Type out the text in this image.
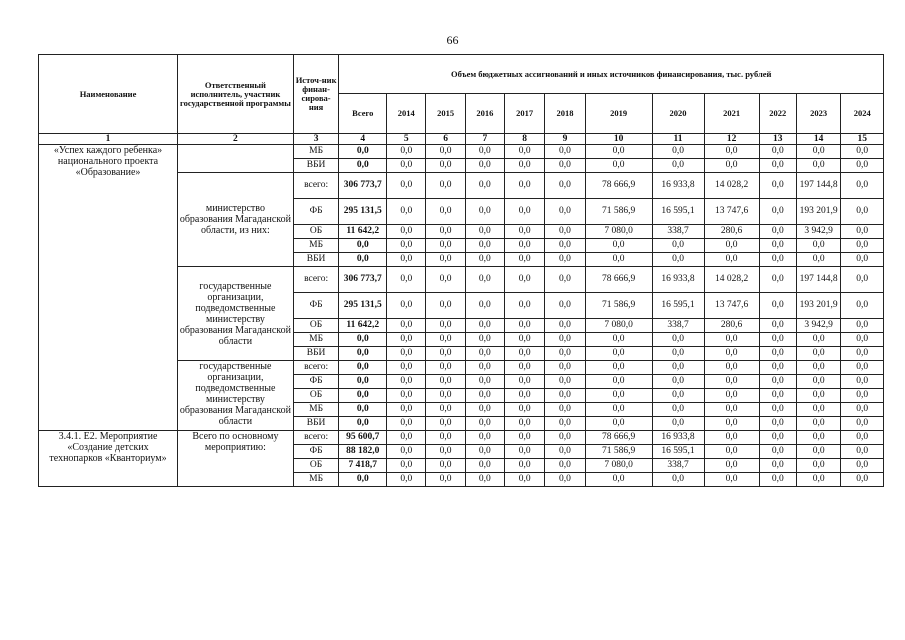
66
Наименование	Ответственный исполнитель, участник государственной программы	Источ-ник финан-сирова-ния	Объем бюджетных ассигнований и иных источников финансирования, тыс. рублей											
			Всего	2014	2015	2016	2017	2018	2019	2020	2021	2022	2023	2024
1	2	3	4	5	6	7	8	9	10	11	12	13	14	15
«Успех каждого ребенка» национального проекта «Образование»		МБ	0,0	0,0	0,0	0,0	0,0	0,0	0,0	0,0	0,0	0,0	0,0	0,0
		ВБИ	0,0	0,0	0,0	0,0	0,0	0,0	0,0	0,0	0,0	0,0	0,0	0,0
	министерство образования Магаданской области, из них:	всего:	306 773,7	0,0	0,0	0,0	0,0	0,0	78 666,9	16 933,8	14 028,2	0,0	197 144,8	0,0
		ФБ	295 131,5	0,0	0,0	0,0	0,0	0,0	71 586,9	16 595,1	13 747,6	0,0	193 201,9	0,0
		ОБ	11 642,2	0,0	0,0	0,0	0,0	0,0	7 080,0	338,7	280,6	0,0	3 942,9	0,0
		МБ	0,0	0,0	0,0	0,0	0,0	0,0	0,0	0,0	0,0	0,0	0,0	0,0
		ВБИ	0,0	0,0	0,0	0,0	0,0	0,0	0,0	0,0	0,0	0,0	0,0	0,0
	государственные организации, подведомственные министерству образования Магаданской области	всего:	306 773,7	0,0	0,0	0,0	0,0	0,0	78 666,9	16 933,8	14 028,2	0,0	197 144,8	0,0
		ФБ	295 131,5	0,0	0,0	0,0	0,0	0,0	71 586,9	16 595,1	13 747,6	0,0	193 201,9	0,0
		ОБ	11 642,2	0,0	0,0	0,0	0,0	0,0	7 080,0	338,7	280,6	0,0	3 942,9	0,0
		МБ	0,0	0,0	0,0	0,0	0,0	0,0	0,0	0,0	0,0	0,0	0,0	0,0
		ВБИ	0,0	0,0	0,0	0,0	0,0	0,0	0,0	0,0	0,0	0,0	0,0	0,0
	государственные организации, подведомственные министерству образования Магаданской области	всего:	0,0	0,0	0,0	0,0	0,0	0,0	0,0	0,0	0,0	0,0	0,0	0,0
		ФБ	0,0	0,0	0,0	0,0	0,0	0,0	0,0	0,0	0,0	0,0	0,0	0,0
		ОБ	0,0	0,0	0,0	0,0	0,0	0,0	0,0	0,0	0,0	0,0	0,0	0,0
		МБ	0,0	0,0	0,0	0,0	0,0	0,0	0,0	0,0	0,0	0,0	0,0	0,0
		ВБИ	0,0	0,0	0,0	0,0	0,0	0,0	0,0	0,0	0,0	0,0	0,0	0,0
3.4.1. Е2. Мероприятие «Создание детских технопарков «Кванториум»	Всего по основному мероприятию:	всего:	95 600,7	0,0	0,0	0,0	0,0	0,0	78 666,9	16 933,8	0,0	0,0	0,0	0,0
		ФБ	88 182,0	0,0	0,0	0,0	0,0	0,0	71 586,9	16 595,1	0,0	0,0	0,0	0,0
		ОБ	7 418,7	0,0	0,0	0,0	0,0	0,0	7 080,0	338,7	0,0	0,0	0,0	0,0
		МБ	0,0	0,0	0,0	0,0	0,0	0,0	0,0	0,0	0,0	0,0	0,0	0,0
